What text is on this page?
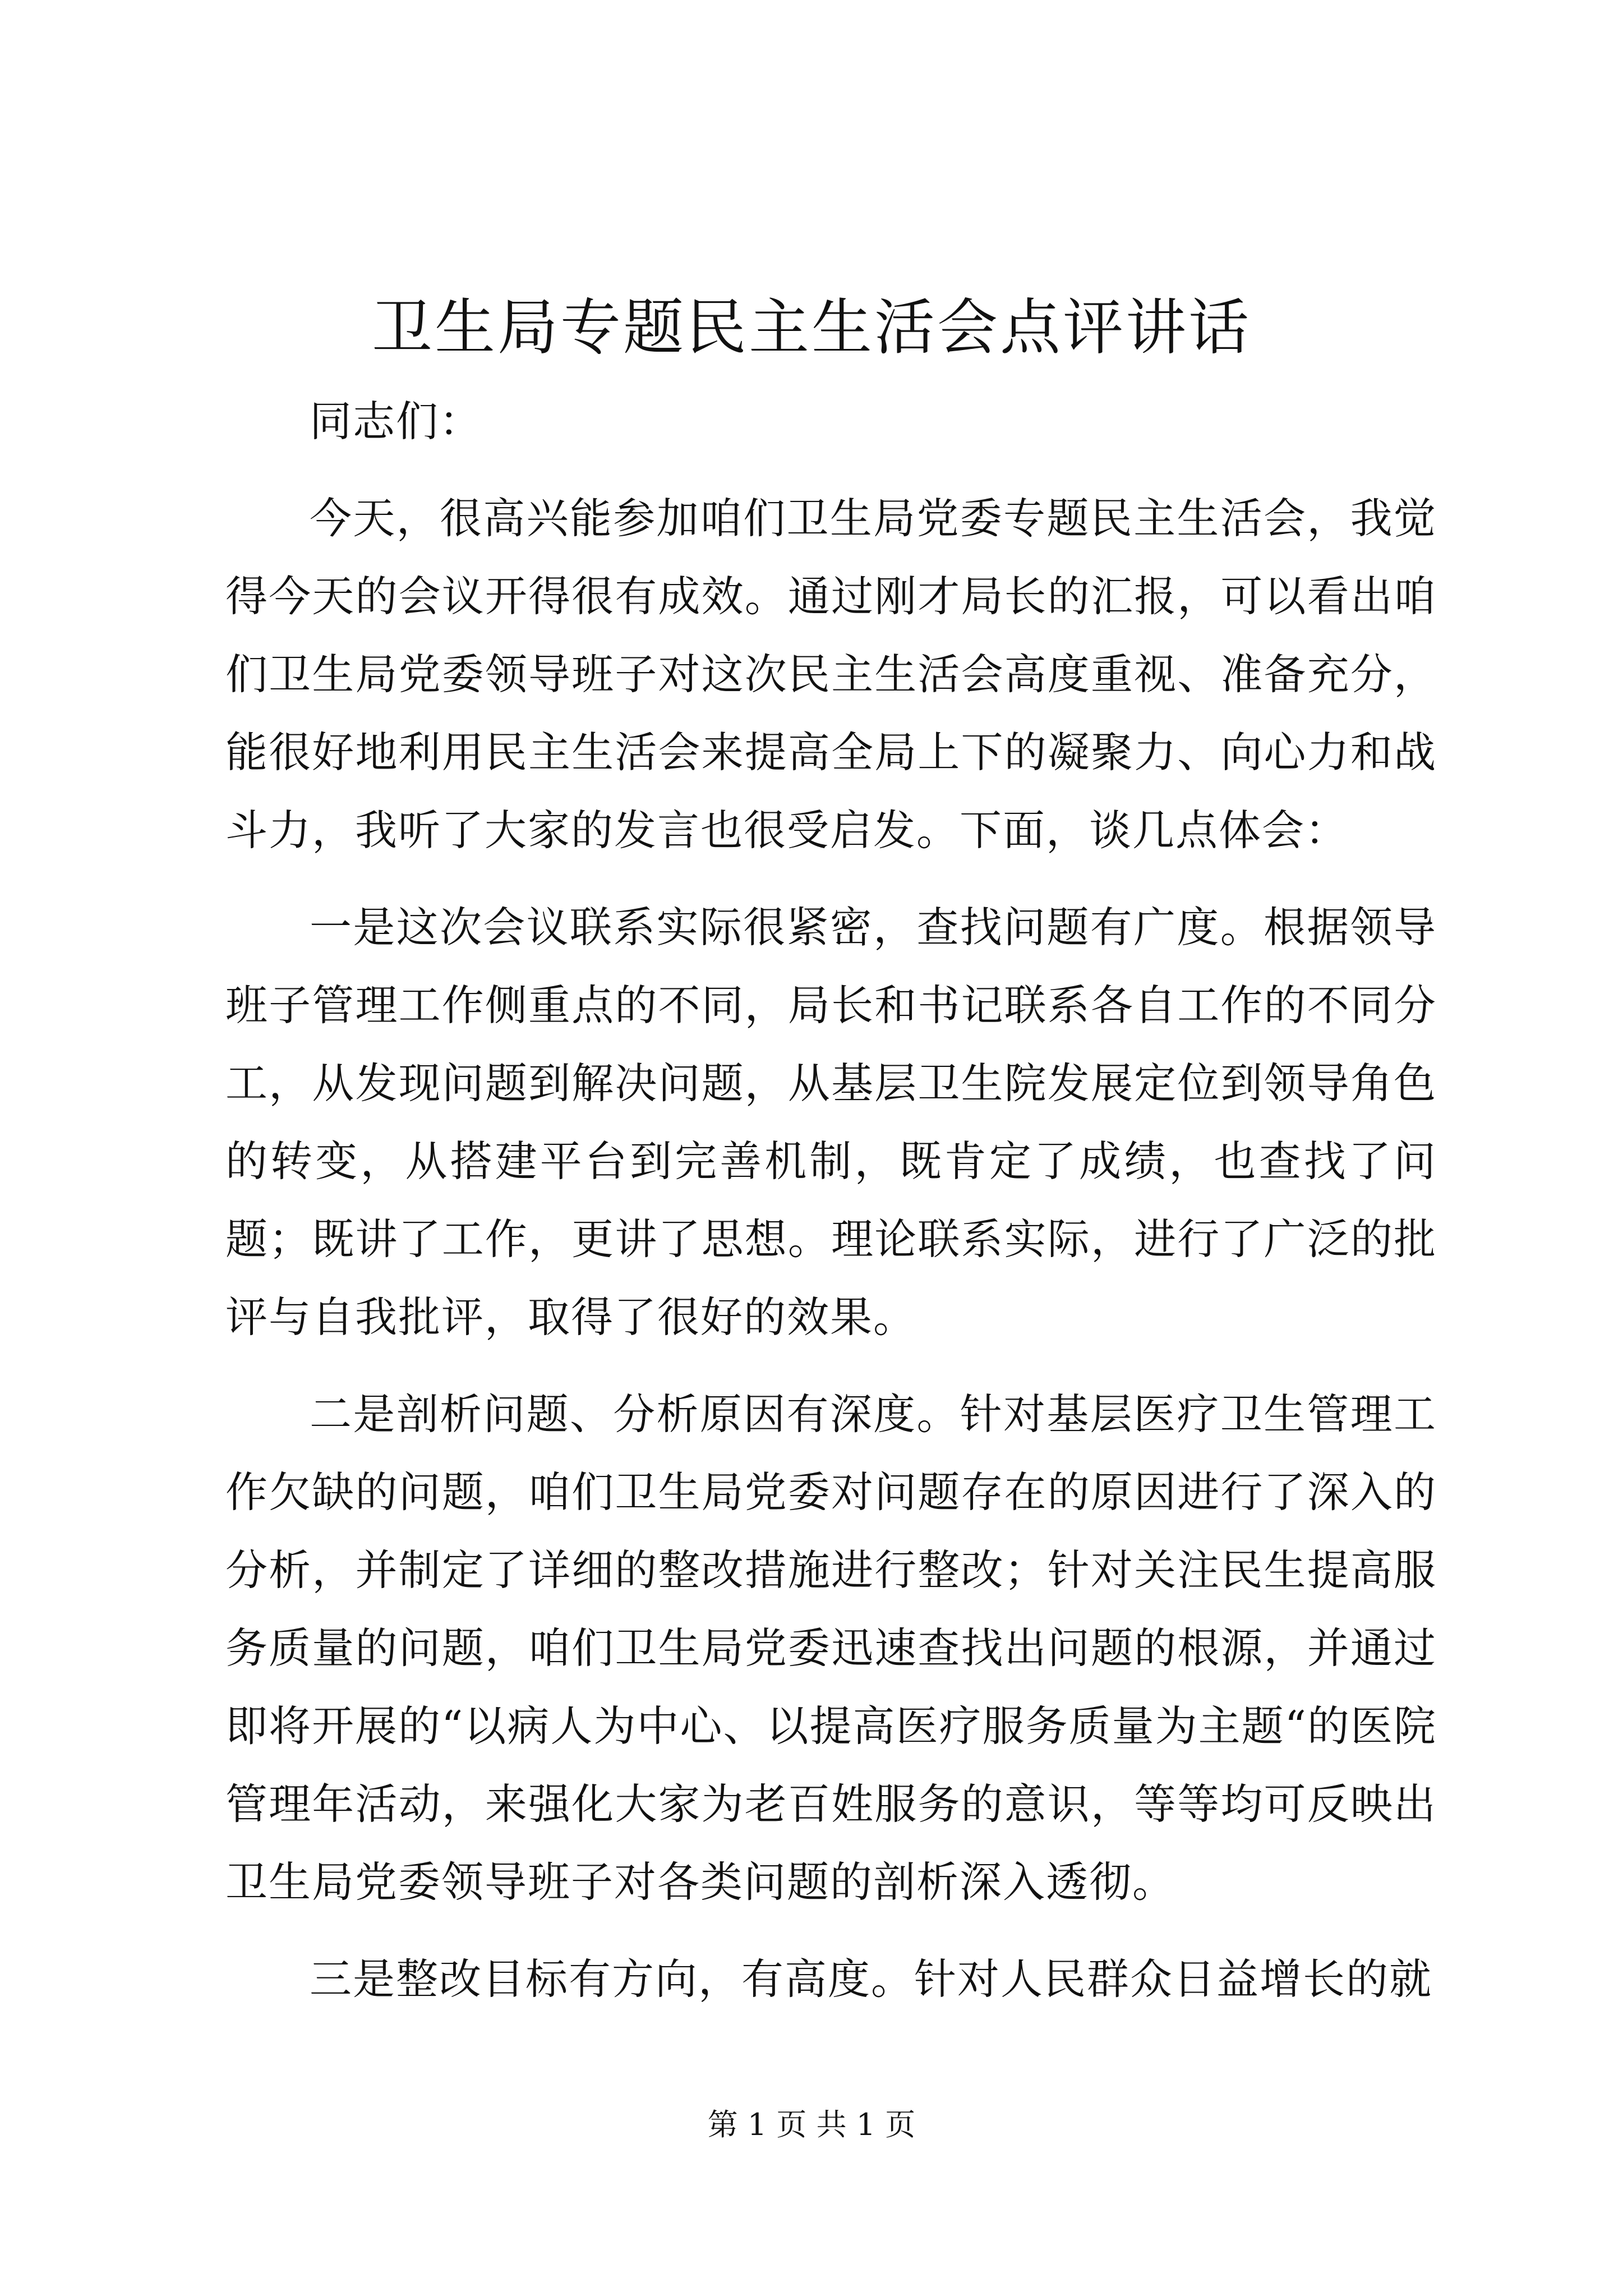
卫生局专题民主生活会点评讲话

同志们：

今天，很高兴能参加咱们卫生局党委专题民主生活会，我觉得今天的会议开得很有成效。通过刚才局长的汇报，可以看出咱们卫生局党委领导班子对这次民主生活会高度重视、准备充分，能很好地利用民主生活会来提高全局上下的凝聚力、向心力和战斗力，我听了大家的发言也很受启发。下面，谈几点体会：

一是这次会议联系实际很紧密，查找问题有广度。根据领导班子管理工作侧重点的不同，局长和书记联系各自工作的不同分工，从发现问题到解决问题，从基层卫生院发展定位到领导角色的转变，从搭建平台到完善机制，既肯定了成绩，也查找了问题；既讲了工作，更讲了思想。理论联系实际，进行了广泛的批评与自我批评，取得了很好的效果。

二是剖析问题、分析原因有深度。针对基层医疗卫生管理工作欠缺的问题，咱们卫生局党委对问题存在的原因进行了深入的分析，并制定了详细的整改措施进行整改；针对关注民生提高服务质量的问题，咱们卫生局党委迅速查找出问题的根源，并通过即将开展的“以病人为中心、以提高医疗服务质量为主题“的医院管理年活动，来强化大家为老百姓服务的意识，等等均可反映出卫生局党委领导班子对各类问题的剖析深入透彻。

三是整改目标有方向，有高度。针对人民群众日益增长的就

第 1 页 共 1 页
